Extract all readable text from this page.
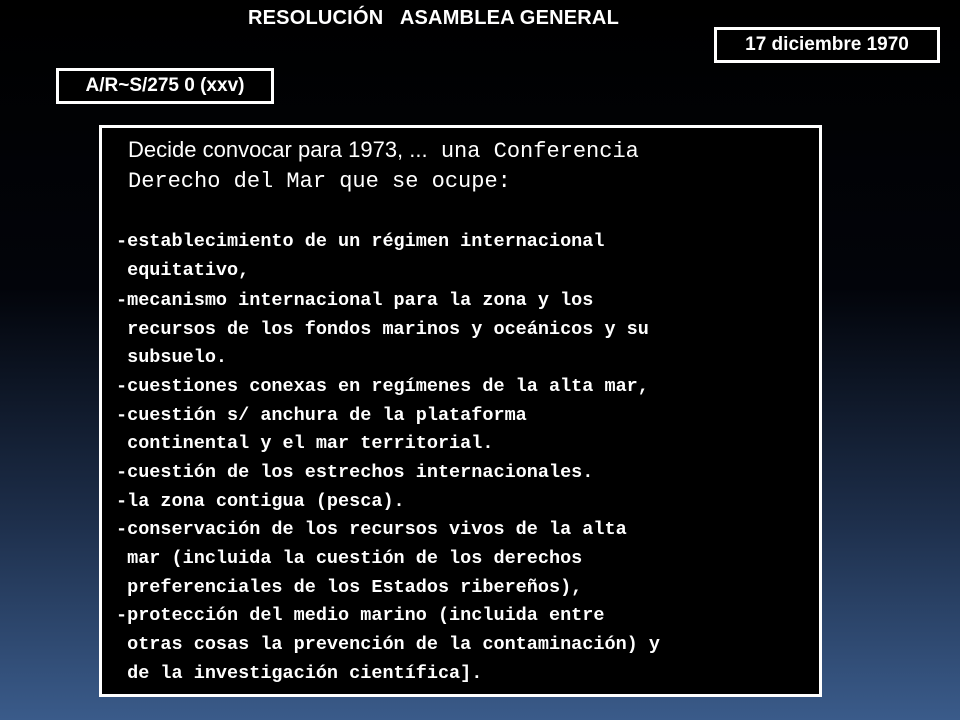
RESOLUCIÓN   ASAMBLEA GENERAL
17 diciembre 1970
A/R~S/275 0 (xxv)
Decide convocar para 1973, ... una Conferencia
Derecho del Mar que se ocupe:
-establecimiento de un régimen internacional
equitativo,
-mecanismo internacional para la zona y los
recursos de los fondos marinos y oceánicos y su
subsuelo.
-cuestiones conexas en regímenes de la alta mar,
-cuestión s/ anchura de la plataforma
continental y el mar territorial.
-cuestión de los estrechos internacionales.
-la zona contigua (pesca).
-conservación de los recursos vivos de la alta
mar (incluida la cuestión de los derechos
preferenciales de los Estados ribereños),
-protección del medio marino (incluida entre
otras cosas la prevención de la contaminación) y
de la investigación científica].
